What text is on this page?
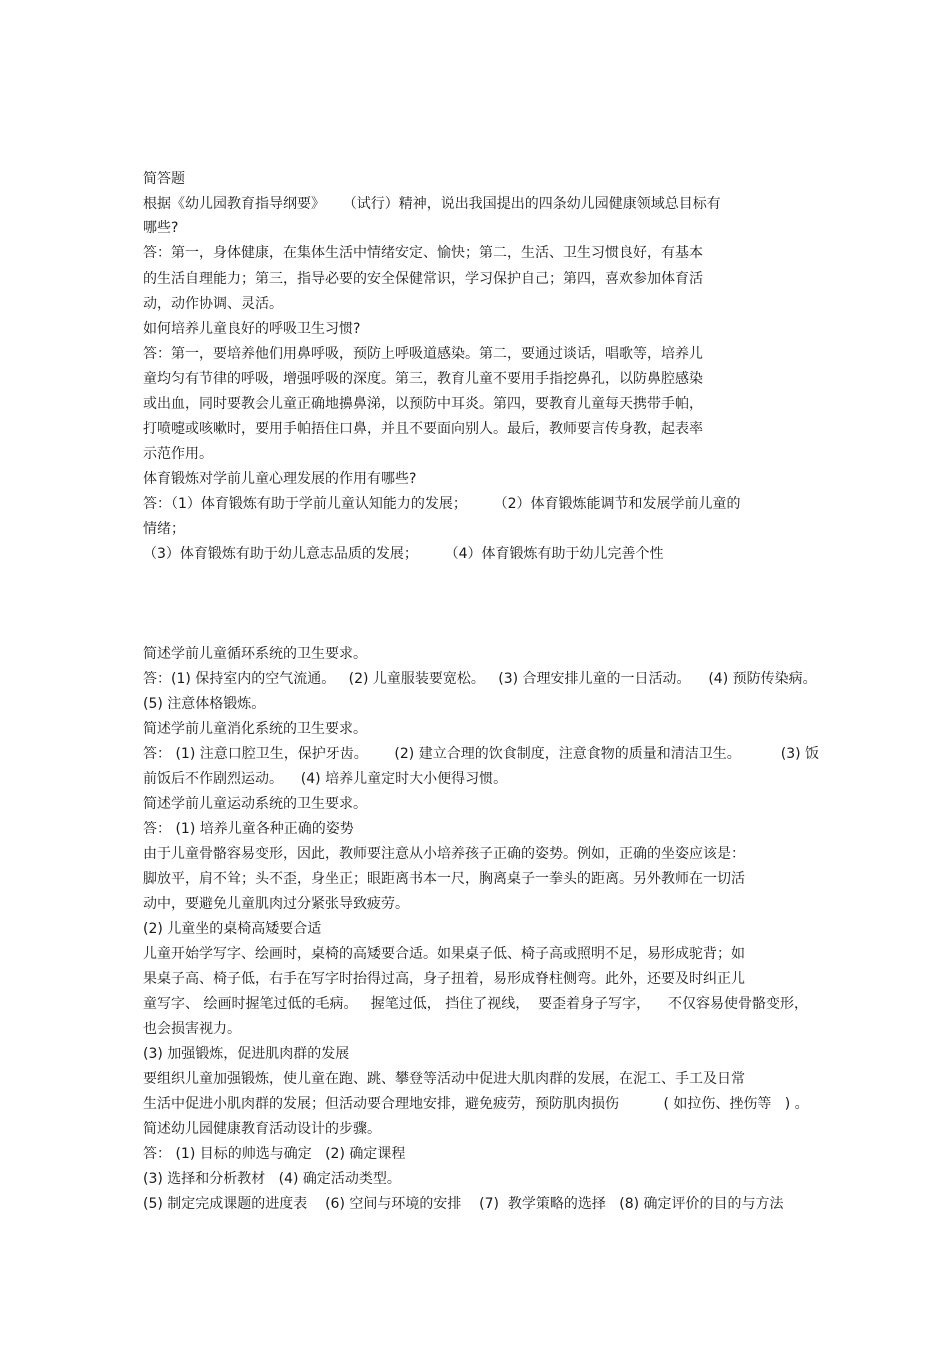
简答题
根据《幼儿园教育指导纲要》    （试行）精神，说出我国提出的四条幼儿园健康领域总目标有
哪些?
答：第一，身体健康，在集体生活中情绪安定、愉快；第二，生活、卫生习惯良好，有基本
的生活自理能力；第三，指导必要的安全保健常识，学习保护自己；第四，喜欢参加体育活
动，动作协调、灵活。
如何培养儿童良好的呼吸卫生习惯?
答：第一，要培养他们用鼻呼吸，预防上呼吸道感染。第二，要通过谈话，唱歌等，培养儿
童均匀有节律的呼吸，增强呼吸的深度。第三，教育儿童不要用手指挖鼻孔，以防鼻腔感染
或出血，同时要教会儿童正确地擤鼻涕，以预防中耳炎。第四，要教育儿童每天携带手帕，
打喷嚏或咳嗽时，要用手帕捂住口鼻，并且不要面向别人。最后，教师要言传身教，起表率
示范作用。
体育锻炼对学前儿童心理发展的作用有哪些?
答：（1）体育锻炼有助于学前儿童认知能力的发展；      （2）体育锻炼能调节和发展学前儿童的
情绪；
（3）体育锻炼有助于幼儿意志品质的发展；      （4）体育锻炼有助于幼儿完善个性
简述学前儿童循环系统的卫生要求。
答：(1) 保持室内的空气流通。   (2) 儿童服装要宽松。   (3) 合理安排儿童的一日活动。    (4) 预防传染病。
(5) 注意体格锻炼。
简述学前儿童消化系统的卫生要求。
答： (1) 注意口腔卫生，保护牙齿。      (2) 建立合理的饮食制度，注意食物的质量和清洁卫生。         (3) 饭
前饭后不作剧烈运动。    (4) 培养儿童定时大小便得习惯。
简述学前儿童运动系统的卫生要求。
答： (1) 培养儿童各种正确的姿势
由于儿童骨骼容易变形，因此，教师要注意从小培养孩子正确的姿势。例如，正确的坐姿应该是：
脚放平，肩不耸；头不歪，身坐正；眼距离书本一尺，胸离桌子一拳头的距离。另外教师在一切活
动中，要避免儿童肌肉过分紧张导致疲劳。
(2) 儿童坐的桌椅高矮要合适
儿童开始学写字、绘画时，桌椅的高矮要合适。如果桌子低、椅子高或照明不足，易形成驼背；如
果桌子高、椅子低，右手在写字时抬得过高，身子扭着，易形成脊柱侧弯。此外，还要及时纠正儿
童写字、 绘画时握笔过低的毛病。   握笔过低， 挡住了视线，  要歪着身子写字，    不仅容易使骨骼变形，
也会损害视力。
(3) 加强锻炼，促进肌肉群的发展
要组织儿童加强锻炼，使儿童在跑、跳、攀登等活动中促进大肌肉群的发展，在泥工、手工及日常
生活中促进小肌肉群的发展；但活动要合理地安排，避免疲劳，预防肌肉损伤          ( 如拉伤、挫伤等   ) 。
简述幼儿园健康教育活动设计的步骤。
答： (1) 目标的帅选与确定   (2) 确定课程
(3) 选择和分析教材   (4) 确定活动类型。
(5) 制定完成课题的进度表    (6) 空间与环境的安排    (7)  教学策略的选择   (8) 确定评价的目的与方法
